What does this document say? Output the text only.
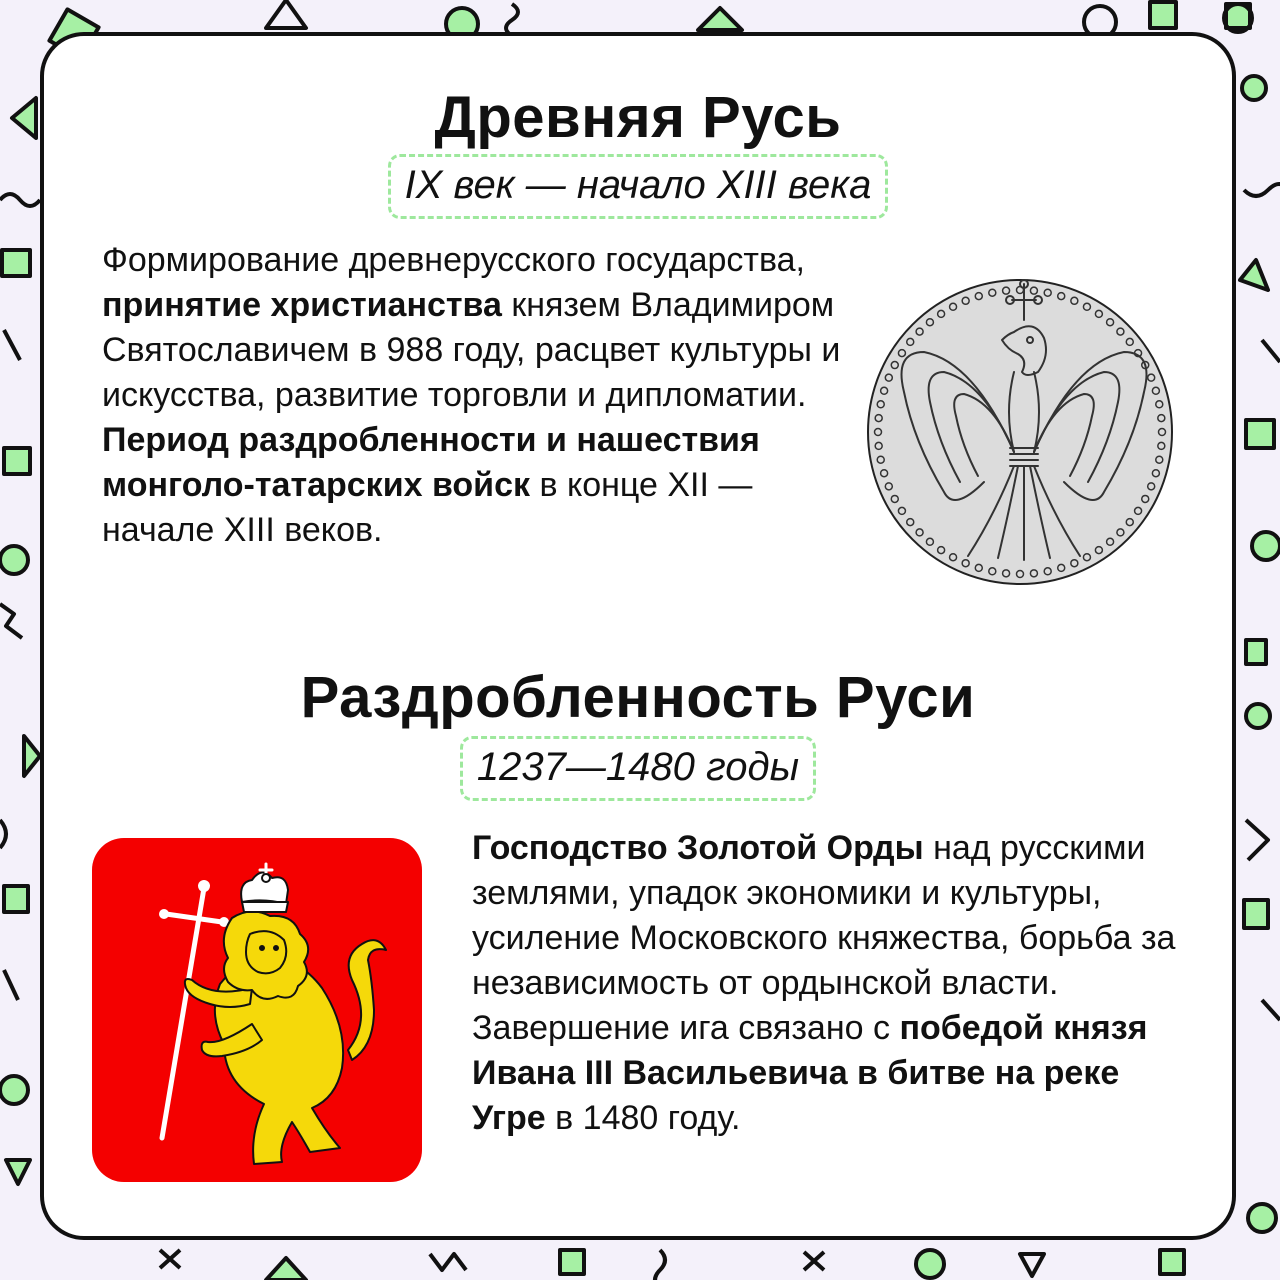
Древняя Русь
IX век — начало XIII века
Формирование древнерусского государства, принятие христианства князем Владимиром Святославичем в 988 году, расцвет культуры и искусства, развитие торговли и дипломатии. Период раздробленности и нашествия монголо-татарских войск в конце XII — начале XIII веков.
Раздробленность Руси
1237—1480 годы
Господство Золотой Орды над русскими землями, упадок экономики и культуры, усиление Московского княжества, борьба за независимость от ордынской власти. Завершение ига связано с победой князя Ивана III Васильевича в битве на реке Угре в 1480 году.
